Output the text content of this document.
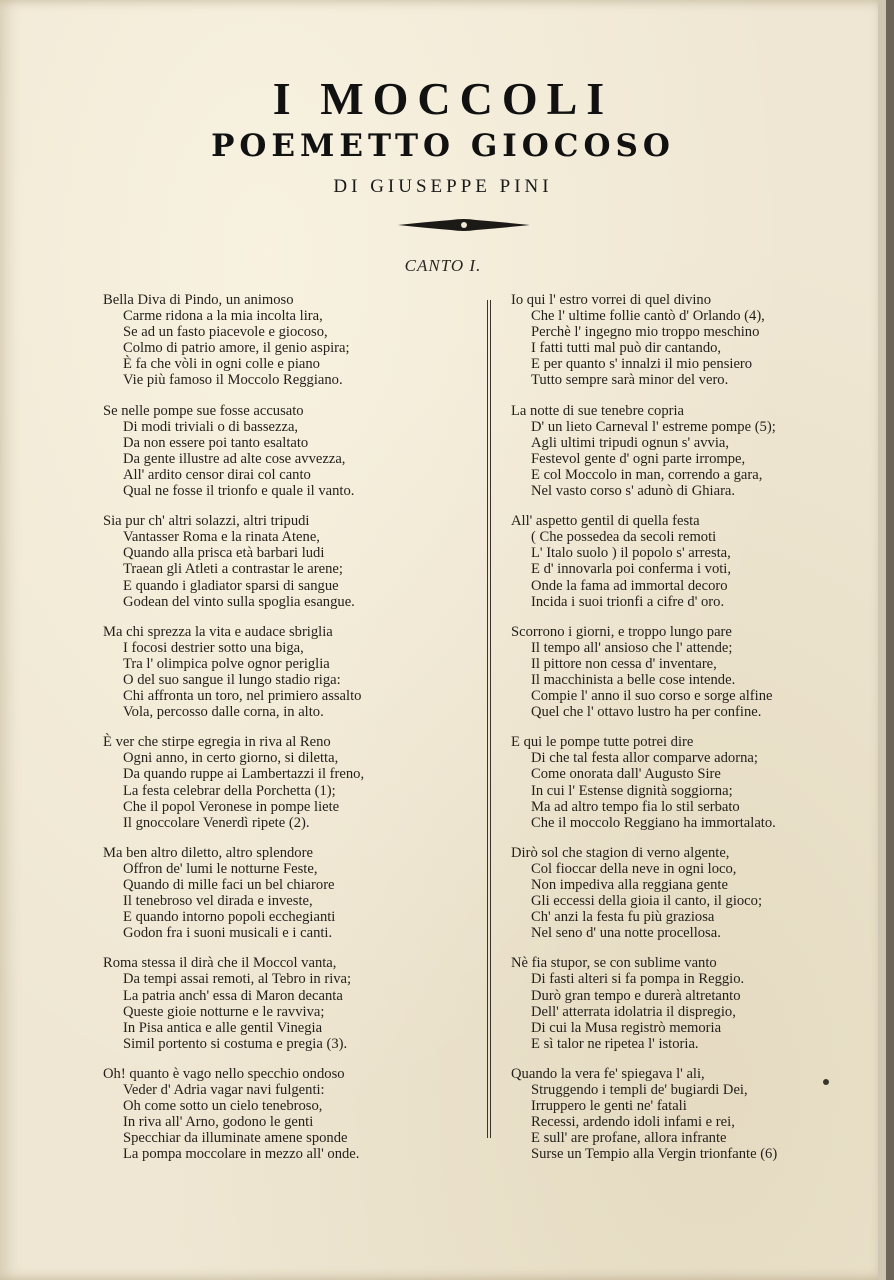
I MOCCOLI
POEMETTO GIOCOSO
DI GIUSEPPE PINI
CANTO I.
Bella Diva di Pindo, un animoso
Carme ridona a la mia incolta lira,
Se ad un fasto piacevole e giocoso,
Colmo di patrio amore, il genio aspira;
È fa che vòli in ogni colle e piano
Vie più famoso il Moccolo Reggiano.
Se nelle pompe sue fosse accusato
Di modi triviali o di bassezza,
Da non essere poi tanto esaltato
Da gente illustre ad alte cose avvezza,
All' ardito censor dirai col canto
Qual ne fosse il trionfo e quale il vanto.
Sia pur ch' altri solazzi, altri tripudi
Vantasser Roma e la rinata Atene,
Quando alla prisca età barbari ludi
Traean gli Atleti a contrastar le arene;
E quando i gladiator sparsi di sangue
Godean del vinto sulla spoglia esangue.
Ma chi sprezza la vita e audace sbriglia
I focosi destrier sotto una biga,
Tra l' olimpica polve ognor periglia
O del suo sangue il lungo stadio riga:
Chi affronta un toro, nel primiero assalto
Vola, percosso dalle corna, in alto.
È ver che stirpe egregia in riva al Reno
Ogni anno, in certo giorno, si diletta,
Da quando ruppe ai Lambertazzi il freno,
La festa celebrar della Porchetta (1);
Che il popol Veronese in pompe liete
Il gnoccolare Venerdì ripete (2).
Ma ben altro diletto, altro splendore
Offron de' lumi le notturne Feste,
Quando di mille faci un bel chiarore
Il tenebroso vel dirada e investe,
E quando intorno popoli ecchegianti
Godon fra i suoni musicali e i canti.
Roma stessa il dirà che il Moccol vanta,
Da tempi assai remoti, al Tebro in riva;
La patria anch' essa di Maron decanta
Queste gioie notturne e le ravviva;
In Pisa antica e alle gentil Vinegia
Simil portento si costuma e pregia (3).
Oh! quanto è vago nello specchio ondoso
Veder d' Adria vagar navi fulgenti:
Oh come sotto un cielo tenebroso,
In riva all' Arno, godono le genti
Specchiar da illuminate amene sponde
La pompa moccolare in mezzo all' onde.
Io qui l' estro vorrei di quel divino
Che l' ultime follie cantò d' Orlando (4),
Perchè l' ingegno mio troppo meschino
I fatti tutti mal può dir cantando,
E per quanto s' innalzi il mio pensiero
Tutto sempre sarà minor del vero.
La notte di sue tenebre copria
D' un lieto Carneval l' estreme pompe (5);
Agli ultimi tripudi ognun s' avvia,
Festevol gente d' ogni parte irrompe,
E col Moccolo in man, correndo a gara,
Nel vasto corso s' adunò di Ghiara.
All' aspetto gentil di quella festa
( Che possedea da secoli remoti
L' Italo suolo ) il popolo s' arresta,
E d' innovarla poi conferma i voti,
Onde la fama ad immortal decoro
Incida i suoi trionfi a cifre d' oro.
Scorrono i giorni, e troppo lungo pare
Il tempo all' ansioso che l' attende;
Il pittore non cessa d' inventare,
Il macchinista a belle cose intende.
Compie l' anno il suo corso e sorge alfine
Quel che l' ottavo lustro ha per confine.
E qui le pompe tutte potrei dire
Di che tal festa allor comparve adorna;
Come onorata dall' Augusto Sire
In cui l' Estense dignità soggiorna;
Ma ad altro tempo fia lo stil serbato
Che il moccolo Reggiano ha immortalato.
Dirò sol che stagion di verno algente,
Col fioccar della neve in ogni loco,
Non impediva alla reggiana gente
Gli eccessi della gioia il canto, il gioco;
Ch' anzi la festa fu più graziosa
Nel seno d' una notte procellosa.
Nè fia stupor, se con sublime vanto
Di fasti alteri si fa pompa in Reggio.
Durò gran tempo e durerà altretanto
Dell' atterrata idolatria il dispregio,
Di cui la Musa registrò memoria
E sì talor ne ripetea l' istoria.
Quando la vera fe' spiegava l' ali,
Struggendo i templi de' bugiardi Dei,
Irruppero le genti ne' fatali
Recessi, ardendo idoli infami e rei,
E sull' are profane, allora infrante
Surse un Tempio alla Vergin trionfante (6)
